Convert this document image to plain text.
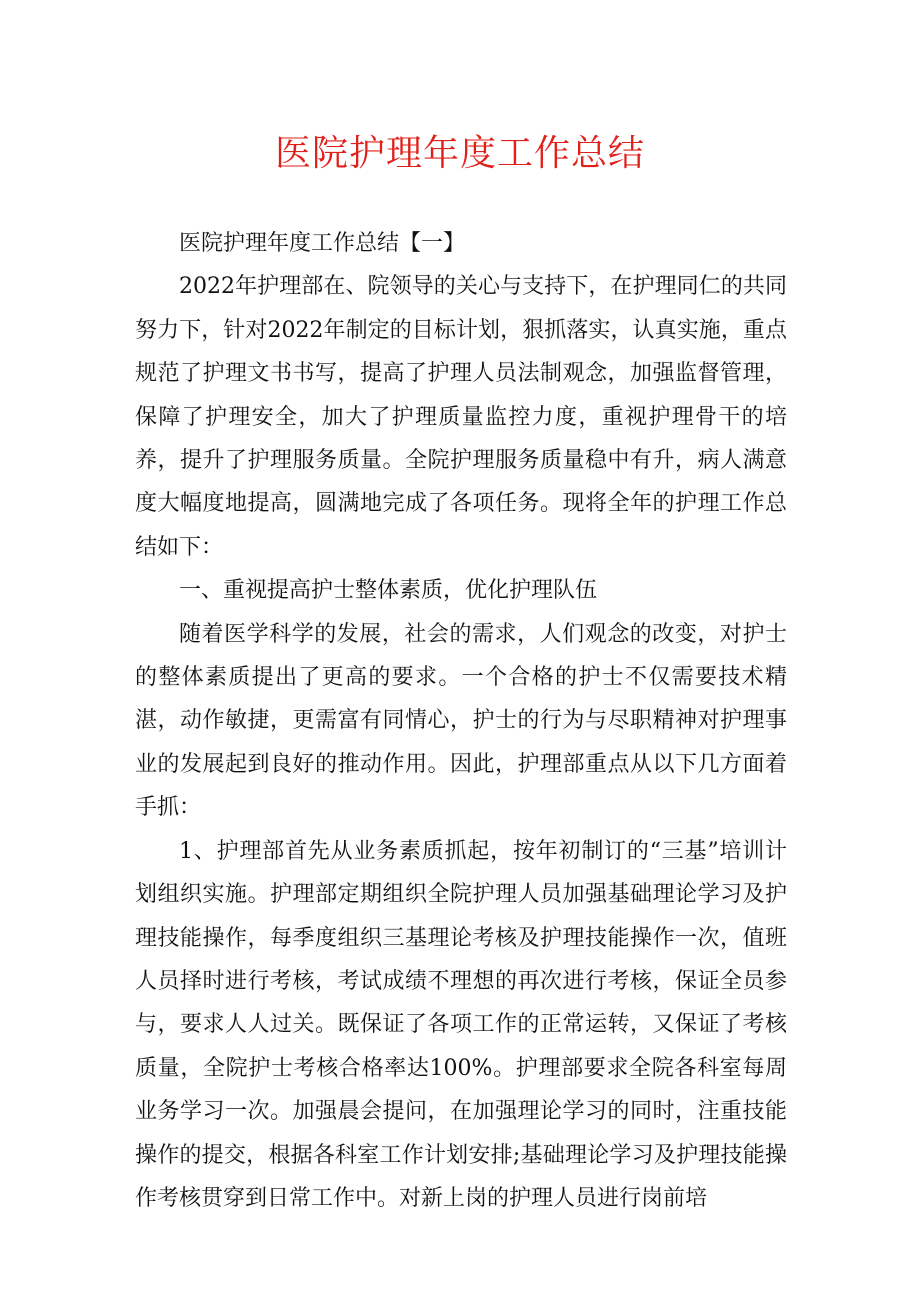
医院护理年度工作总结

医院护理年度工作总结【一】

2022年护理部在、院领导的关心与支持下，在护理同仁的共同努力下，针对2022年制定的目标计划，狠抓落实，认真实施，重点规范了护理文书书写，提高了护理人员法制观念，加强监督管理，保障了护理安全，加大了护理质量监控力度，重视护理骨干的培养，提升了护理服务质量。全院护理服务质量稳中有升，病人满意度大幅度地提高，圆满地完成了各项任务。现将全年的护理工作总结如下：

一、重视提高护士整体素质，优化护理队伍

随着医学科学的发展，社会的需求，人们观念的改变，对护士的整体素质提出了更高的要求。一个合格的护士不仅需要技术精湛，动作敏捷，更需富有同情心，护士的行为与尽职精神对护理事业的发展起到良好的推动作用。因此，护理部重点从以下几方面着手抓：

1、护理部首先从业务素质抓起，按年初制订的“三基”培训计划组织实施。护理部定期组织全院护理人员加强基础理论学习及护理技能操作，每季度组织三基理论考核及护理技能操作一次，值班人员择时进行考核，考试成绩不理想的再次进行考核，保证全员参与，要求人人过关。既保证了各项工作的正常运转，又保证了考核质量，全院护士考核合格率达100%。护理部要求全院各科室每周业务学习一次。加强晨会提问，在加强理论学习的同时，注重技能操作的提交，根据各科室工作计划安排;基础理论学习及护理技能操作考核贯穿到日常工作中。对新上岗的护理人员进行岗前培
